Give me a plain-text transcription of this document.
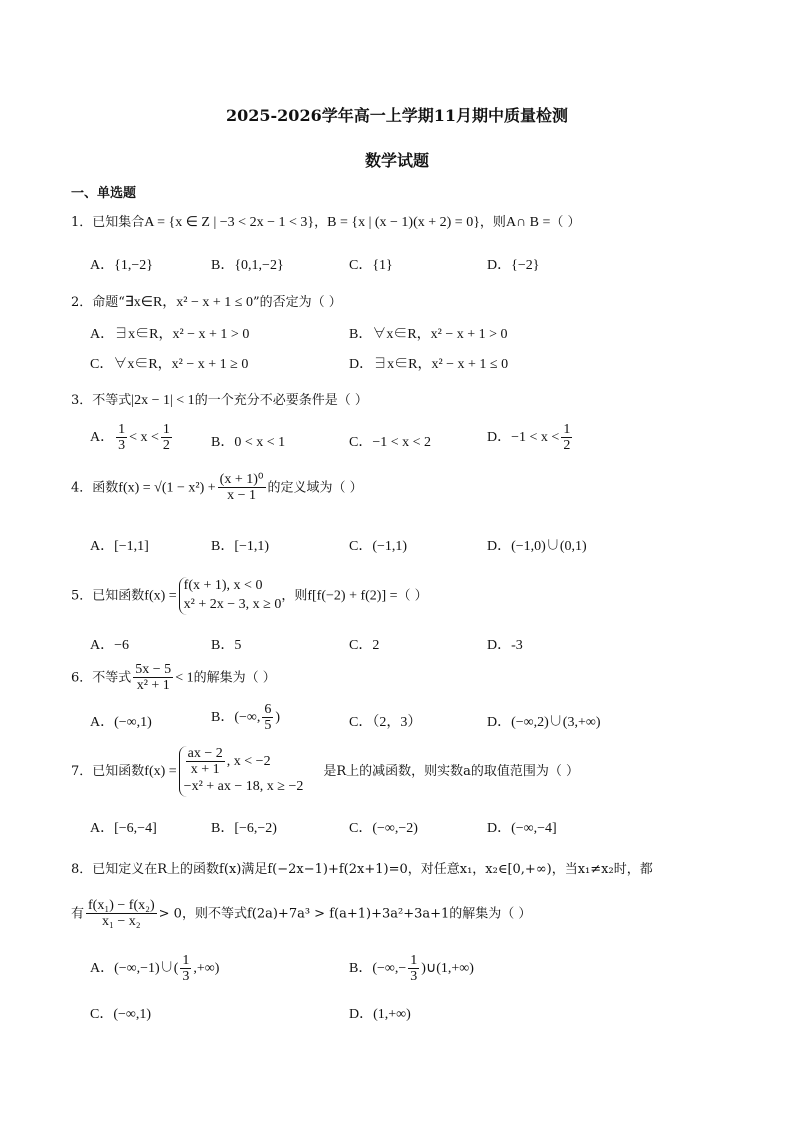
2025-2026学年高一上学期11月期中质量检测
数学试题
一、单选题
1．已知集合A = {x ∈ Z | −3 < 2x − 1 < 3}，B = {x | (x − 1)(x + 2) = 0}，则A∩ B =（ ）
A．{1,−2}	B．{0,1,−2}	C．{1}	D．{−2}
2．命题“∃x∈R，x² − x + 1 ≤ 0”的否定为（ ）
A．∃x∈R，x² − x + 1 > 0	B．∀x∈R，x² − x + 1 > 0
C．∀x∈R，x² − x + 1 ≥ 0	D．∃x∈R，x² − x + 1 ≤ 0
3．不等式|2x − 1| < 1的一个充分不必要条件是（ ）
A． $\frac{1}{3} < x < \frac{1}{2}$	B．0 < x < 1	C．−1 < x < 2	D．$-1 < x < \frac{1}{2}$
4．函数$f(x) = √(1 - x^2) + \frac{\text{(x + 1)⁰}}{x - 1}$ 的定义域为（ ）
A．[−1,1]	B．[−1,1)	C．(−1,1)	D．(−1,0)∪(0,1)
5．已知函数f(x) =
f(x + 1), x < 0
x² + 2x − 3, x ≥ 0
，则f[f(−2) + f(2)] =（ ）
A．−6	B．5	C．2	D．-3
6．不等式 $\frac{5x - 5}{\text{x² + 1}} < 1$的解集为（ ）
A．(−∞,1)	B．(−∞, $\frac{6}{5}$ )	C．（2，3）	D．(−∞,2)∪(3,+∞)
7．已知函数$f(x) = \frac{ax - 2}{x + 1}$ , x < −2
−x² + ax − 18, x ≥ −2
是R上的减函数，则实数a的取值范围为（ ）
A．[−6,−4]	B．[−6,−2)	C．(−∞,−2)	D．(−∞,−4]
8．已知定义在R上的函数f(x)满足f(−2x−1)+f(2x+1)=0，对任意x₁，x₂∈[0,+∞)，当x₁≠x₂时，都
有 $\frac{\text{f(x₁) − f(x₂)}}{\text{x₁ − x₂}} > 0$，则不等式f(2a)+7a³ > f(a+1)+3a²+3a+1的解集为（ ）
A．(−∞,−1)∪( $\frac{1}{3}$ ,+∞)	B．(−∞,− $\frac{1}{3}$ )∪(1,+∞)
C．(−∞,1)	D．(1,+∞)
